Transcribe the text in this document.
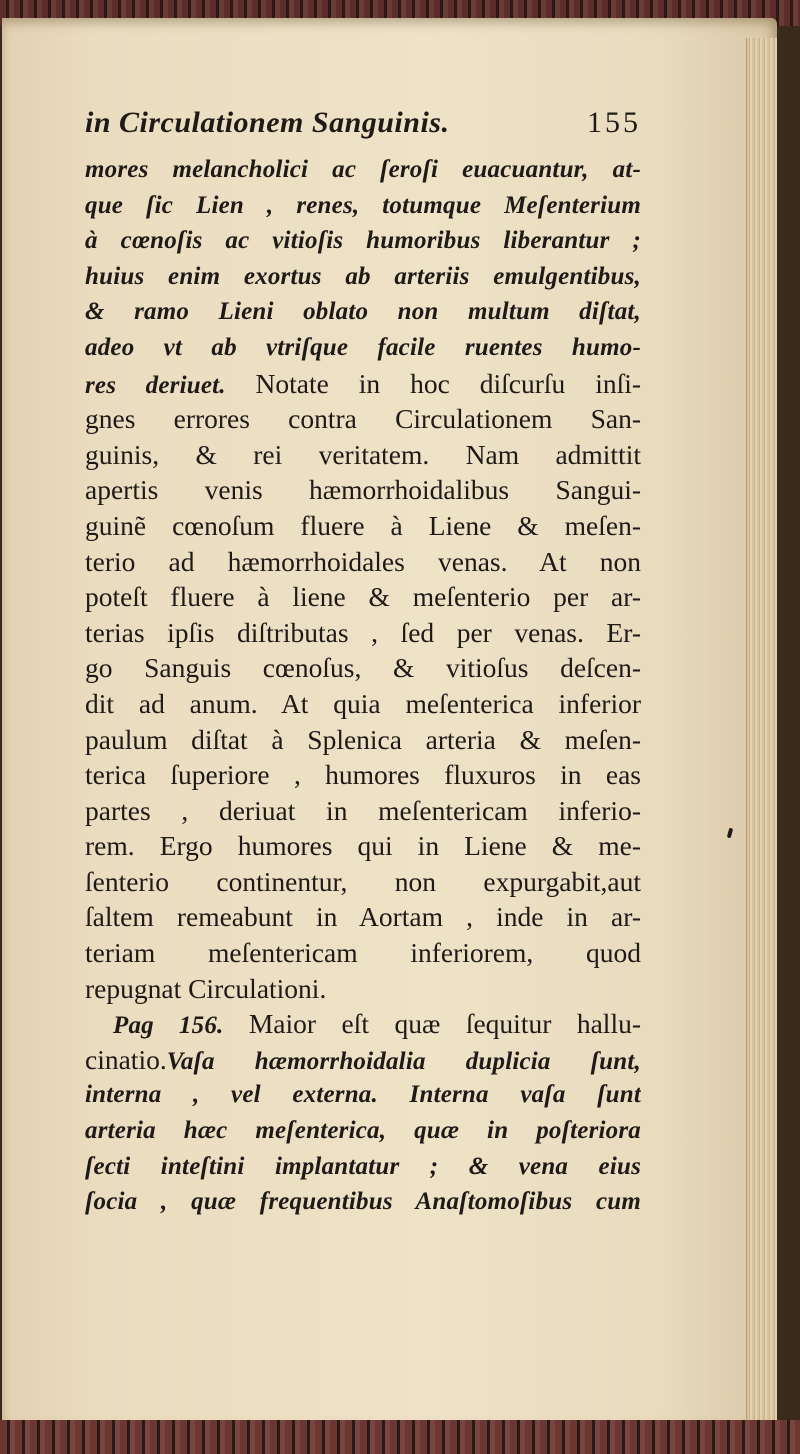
in Circulationem Sanguinis.	155
mores melancholici ac ſeroſi euacuantur, at-
que ſic Lien , renes, totumque Meſenterium
à cœnoſis ac vitioſis humoribus liberantur ;
huius enim exortus ab arteriis emulgentibus,
& ramo Lieni oblato non multum diſtat,
adeo vt ab vtriſque facile ruentes humo-
res deriuet. Notate in hoc diſcurſu inſi-
gnes errores contra Circulationem San-
guinis, & rei veritatem. Nam admittit
apertis venis hæmorrhoidalibus Sangui-
guinẽ cœnoſum fluere à Liene & meſen-
terio ad hæmorrhoidales venas. At non
poteſt fluere à liene & meſenterio per ar-
terias ipſis diſtributas , ſed per venas. Er-
go Sanguis cœnoſus, & vitioſus deſcen-
dit ad anum. At quia meſenterica inferior
paulum diſtat à Splenica arteria & meſen-
terica ſuperiore , humores fluxuros in eas
partes , deriuat in meſentericam inferio-
rem. Ergo humores qui in Liene & me-
ſenterio continentur, non expurgabit,aut
ſaltem remeabunt in Aortam , inde in ar-
teriam meſentericam inferiorem, quod
repugnat Circulationi.
Pag 156. Maior eſt quæ ſequitur hallu-
cinatio.Vaſa hæmorrhoidalia duplicia ſunt,
interna , vel externa. Interna vaſa ſunt
arteria hæc meſenterica, quæ in poſteriora
ſecti inteſtini implantatur ; & vena eius
ſocia , quæ frequentibus Anaſtomoſibus cum
